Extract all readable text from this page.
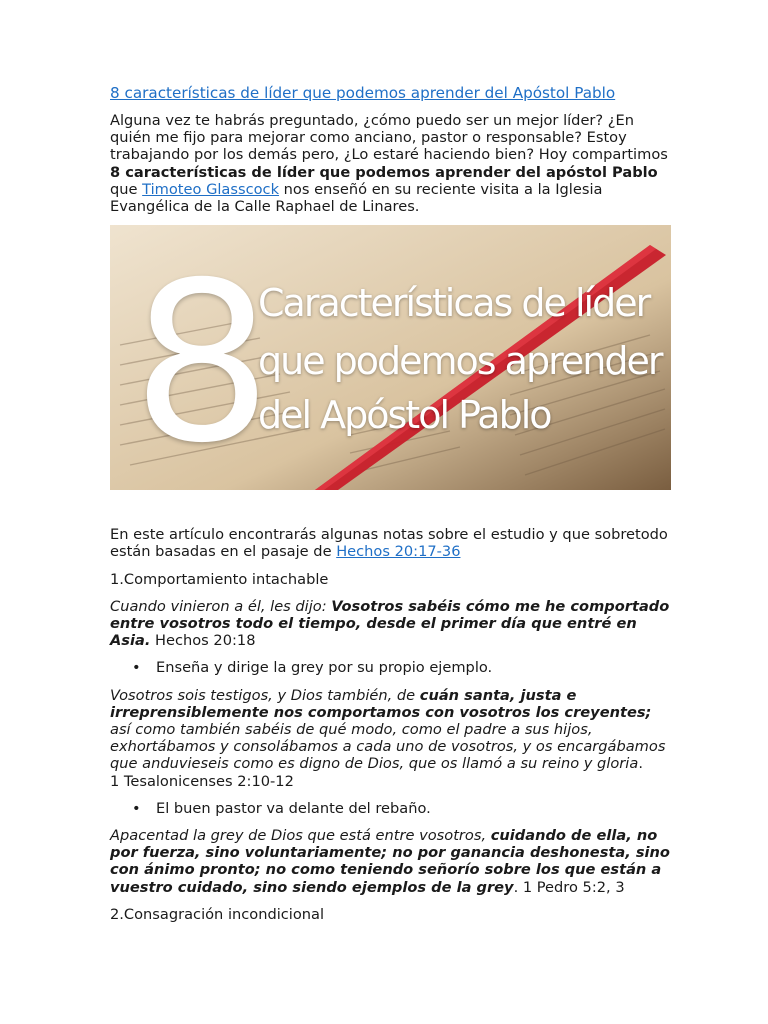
8 características de líder que podemos aprender del Apóstol Pablo

Alguna vez te habrás preguntado, ¿cómo puedo ser un mejor líder? ¿En quién me fijo para mejorar como anciano, pastor o responsable? Estoy trabajando por los demás pero, ¿Lo estaré haciendo bien? Hoy compartimos 8 características de líder que podemos aprender del apóstol Pablo que Timoteo Glasscock nos enseñó en su reciente visita a la Iglesia Evangélica de la Calle Raphael de Linares.

8
Características de líder
que podemos aprender
del Apóstol Pablo

En este artículo encontrarás algunas notas sobre el estudio y que sobretodo están basadas en el pasaje de Hechos 20:17-36

1.Comportamiento intachable

Cuando vinieron a él, les dijo: Vosotros sabéis cómo me he comportado entre vosotros todo el tiempo, desde el primer día que entré en Asia. Hechos 20:18

• Enseña y dirige la grey por su propio ejemplo.

Vosotros sois testigos, y Dios también, de cuán santa, justa e irreprensiblemente nos comportamos con vosotros los creyentes; así como también sabéis de qué modo, como el padre a sus hijos, exhortábamos y consolábamos a cada uno de vosotros, y os encargábamos que anduvieseis como es digno de Dios, que os llamó a su reino y gloria.
1 Tesalonicenses 2:10-12

• El buen pastor va delante del rebaño.

Apacentad la grey de Dios que está entre vosotros, cuidando de ella, no por fuerza, sino voluntariamente; no por ganancia deshonesta, sino con ánimo pronto; no como teniendo señorío sobre los que están a vuestro cuidado, sino siendo ejemplos de la grey. 1 Pedro 5:2, 3

2.Consagración incondicional
